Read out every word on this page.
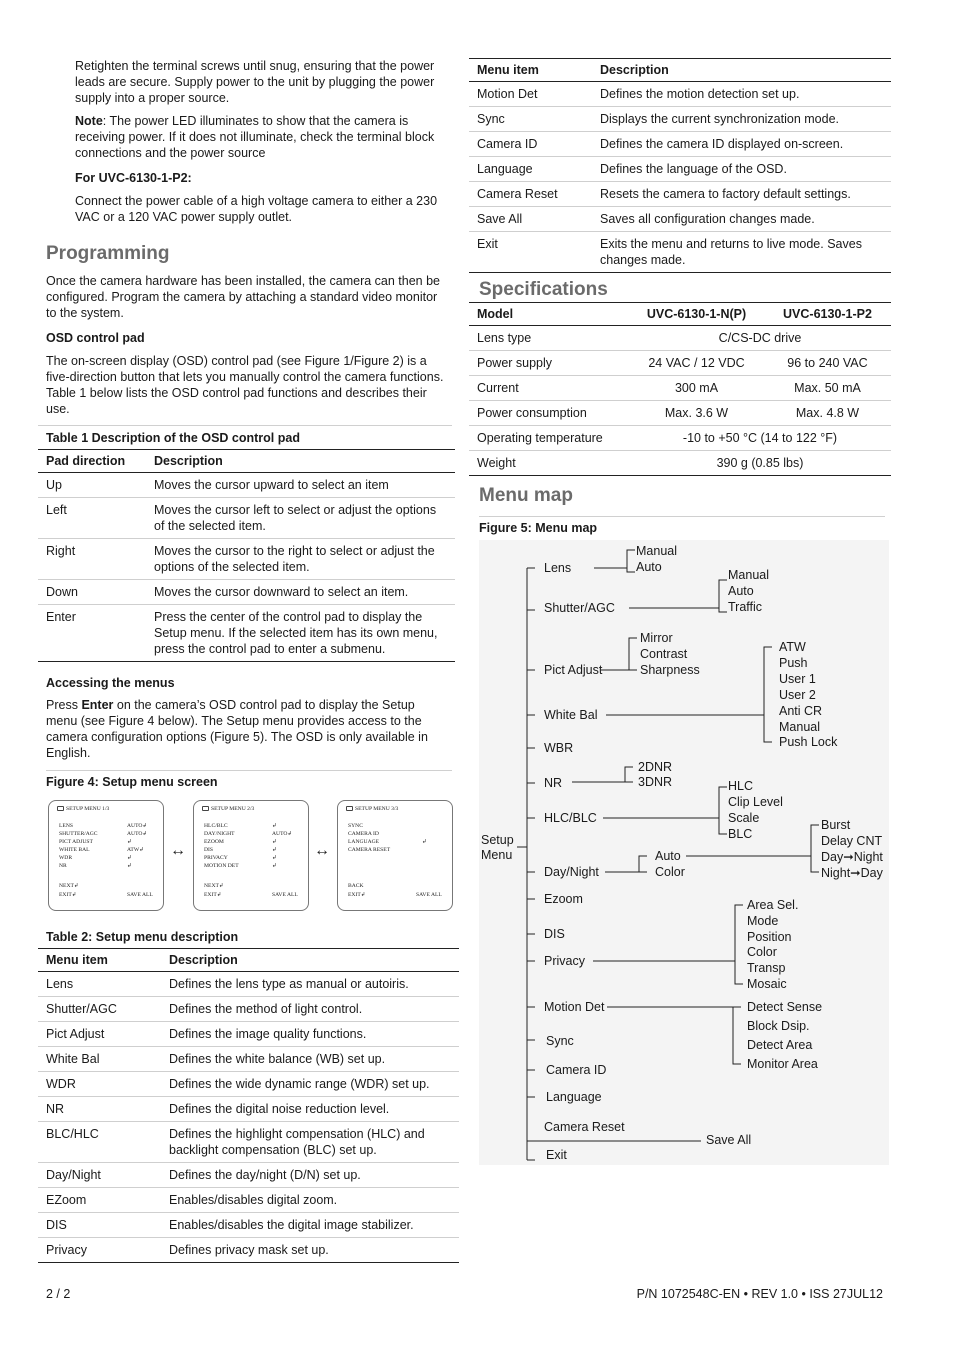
Retighten the terminal screws until snug, ensuring that the power leads are secure. Supply power to the unit by plugging the power supply into a proper source.
Note: The power LED illuminates to show that the camera is receiving power. If it does not illuminate, check the terminal block connections and the power source
For UVC-6130-1-P2:
Connect the power cable of a high voltage camera to either a 230 VAC or a 120 VAC power supply outlet.
Programming
Once the camera hardware has been installed, the camera can then be configured. Program the camera by attaching a standard video monitor to the system.
OSD control pad
The on-screen display (OSD) control pad (see Figure 1/Figure 2) is a five-direction button that lets you manually control the camera functions. Table 1 below lists the OSD control pad functions and describes their use.
Table 1 Description of the OSD control pad
Pad direction	Description
Up	Moves the cursor upward to select an item
Left	Moves the cursor left to select or adjust the options of the selected item.
Right	Moves the cursor to the right to select or adjust the options of the selected item.
Down	Moves the cursor downward to select an item.
Enter	Press the center of the control pad to display the Setup menu. If the selected item has its own menu, press the control pad to enter a submenu.
Accessing the menus
Press Enter on the camera’s OSD control pad to display the Setup menu (see Figure 4 below). The Setup menu provides access to the camera configuration options (Figure 5). The OSD is only available in English.
Figure 4: Setup menu screen
SETUP MENU 1/3
LENS	AUTO↲
SHUTTER/AGC	AUTO↲
PICT ADJUST	↲
WHITE BAL	ATW↲
WDR	↲
NR	↲
NEXT↲
EXIT↲	SAVE ALL
↔
SETUP MENU 2/3
HLC/BLC	↲
DAY/NIGHT	AUTO↲
EZOOM	↲
DIS	↲
PRIVACY	↲
MOTION DET	↲
NEXT↲
EXIT↲	SAVE ALL
↔
SETUP MENU 3/3
SYNC
CAMERA ID
LANGUAGE	↲
CAMERA RESET
BACK
EXIT↲	SAVE ALL
Table 2: Setup menu description
Menu item	Description
Lens	Defines the lens type as manual or autoiris.
Shutter/AGC	Defines the method of light control.
Pict Adjust	Defines the image quality functions.
White Bal	Defines the white balance (WB) set up.
WDR	Defines the wide dynamic range (WDR) set up.
NR	Defines the digital noise reduction level.
BLC/HLC	Defines the highlight compensation (HLC) and backlight compensation (BLC) set up.
Day/Night	Defines the day/night (D/N) set up.
EZoom	Enables/disables digital zoom.
DIS	Enables/disables the digital image stabilizer.
Privacy	Defines privacy mask set up.
Menu item	Description
Motion Det	Defines the motion detection set up.
Sync	Displays the current synchronization mode.
Camera ID	Defines the camera ID displayed on-screen.
Language	Defines the language of the OSD.
Camera Reset	Resets the camera to factory default settings.
Save All	Saves all configuration changes made.
Exit	Exits the menu and returns to live mode. Saves changes made.
Specifications
Model	UVC-6130-1-N(P)	UVC-6130-1-P2
Lens type	C/CS-DC drive	
Power supply	24 VAC / 12 VDC	96 to 240 VAC
Current	300 mA	Max. 50 mA
Power consumption	Max. 3.6 W	Max. 4.8 W
Operating temperature	-10 to +50 °C (14 to 122 °F)	
Weight	390 g (0.85 lbs)	
Menu map
Figure 5: Menu map
Setup
Menu
Lens
Shutter/AGC
Pict Adjust
White Bal
WBR
NR
HLC/BLC
Day/Night
Ezoom
DIS
Privacy
Motion Det
Sync
Camera ID
Language
Camera Reset
Exit
Manual
Auto
Manual
Auto
Traffic
Mirror
Contrast
Sharpness
ATW
Push
User 1
User 2
Anti CR
Manual
Push Lock
2DNR
3DNR	HLC
Clip Level
Scale
BLC
Auto
Color
Burst
Delay CNT
Day➞Night
Night➞Day
Area Sel.
Mode
Position
Color
Transp
Mosaic
Detect Sense
Block Dsip.
Detect Area
Monitor Area
Save All
2 / 2	P/N 1072548C-EN • REV 1.0 • ISS 27JUL12
